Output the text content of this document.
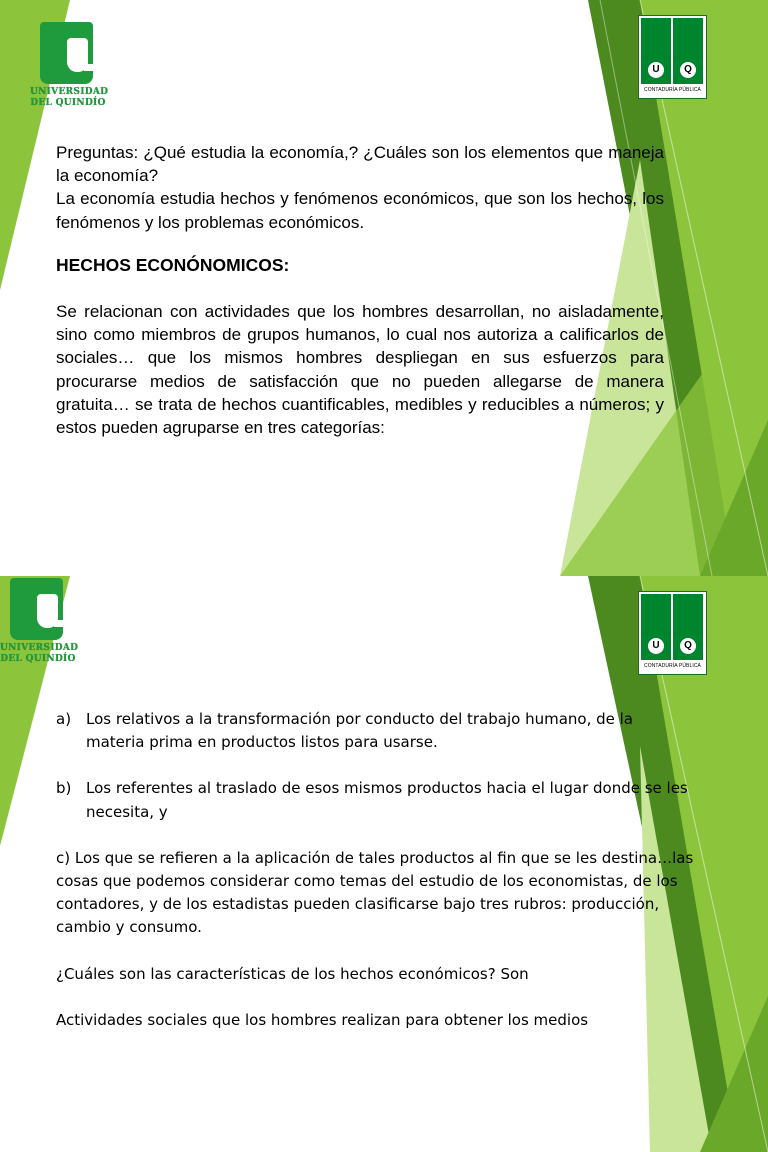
UNIVERSIDAD
DEL QUINDÍO
U	Q
CONTADURÍA PÚBLICA

Preguntas: ¿Qué estudia la economía,? ¿Cuáles son los elementos que maneja la economía?

La economía estudia hechos y fenómenos económicos, que son los hechos, los fenómenos y los problemas económicos.

HECHOS ECONÓNOMICOS:

Se relacionan con actividades que los hombres desarrollan, no aisladamente, sino como miembros de grupos humanos, lo cual nos autoriza a calificarlos de sociales… que los mismos hombres despliegan en sus esfuerzos para procurarse medios de satisfacción que no pueden allegarse de manera gratuita… se trata de hechos cuantificables, medibles y reducibles a números; y estos pueden agruparse en tres categorías:

UNIVERSIDAD
DEL QUINDÍO
U	Q
CONTADURÍA PÚBLICA
a) Los relativos a la transformación por conducto del trabajo humano, de la materia prima en productos listos para usarse.
b) Los referentes al traslado de esos mismos productos hacia el lugar donde se les necesita, y

c) Los que se refieren a la aplicación de tales productos al fin que se les destina…las cosas que podemos considerar como temas del estudio de los economistas, de los contadores, y de los estadistas pueden clasificarse bajo tres rubros: producción, cambio y consumo.

¿Cuáles son las características de los hechos económicos? Son

Actividades sociales que los hombres realizan para obtener los medios
